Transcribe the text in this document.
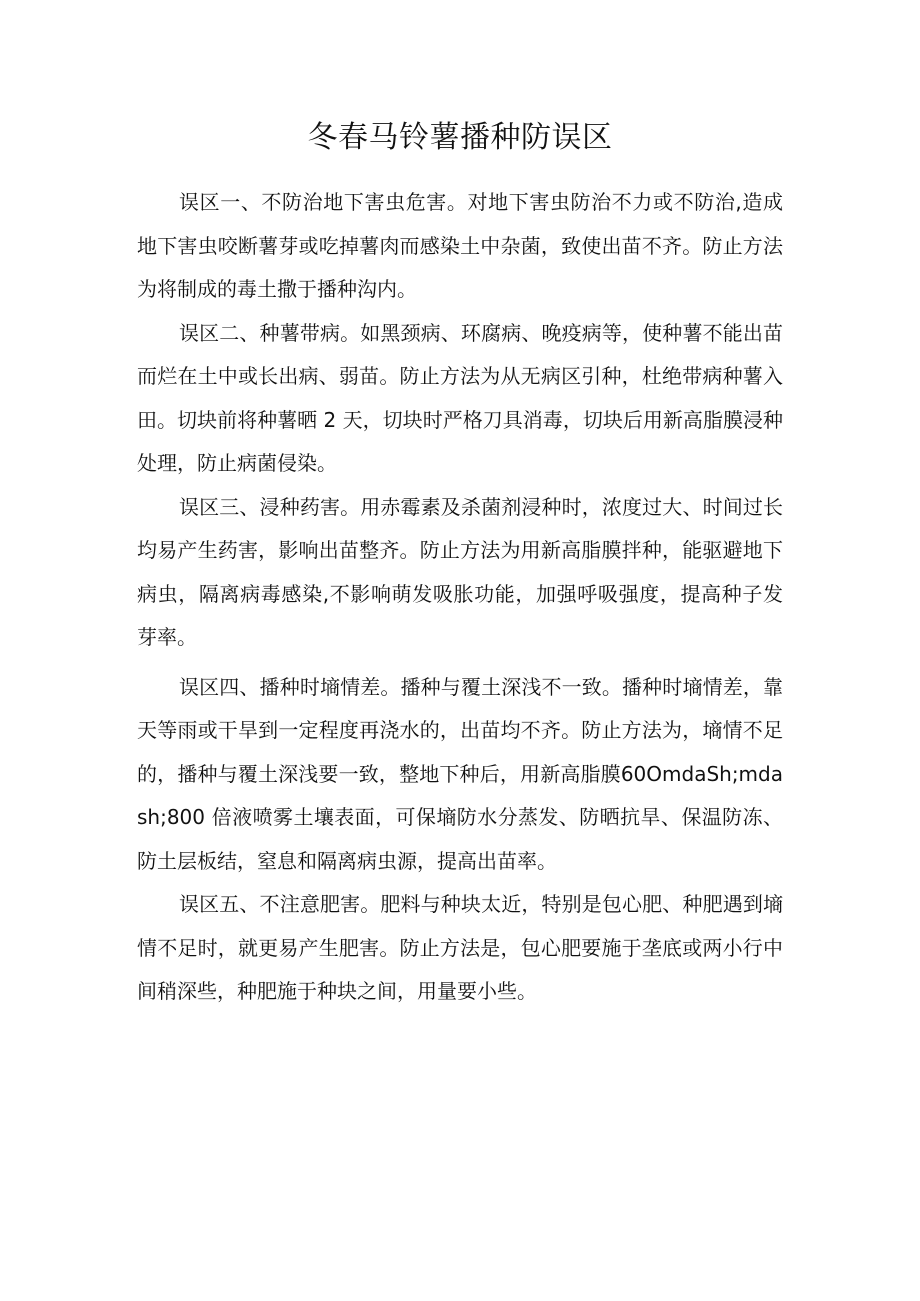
冬春马铃薯播种防误区

误区一、不防治地下害虫危害。对地下害虫防治不力或不防治,造成地下害虫咬断薯芽或吃掉薯肉而感染土中杂菌，致使出苗不齐。防止方法为将制成的毒土撒于播种沟内。

误区二、种薯带病。如黑颈病、环腐病、晚疫病等，使种薯不能出苗而烂在土中或长出病、弱苗。防止方法为从无病区引种，杜绝带病种薯入田。切块前将种薯晒 2 天，切块时严格刀具消毒，切块后用新高脂膜浸种处理，防止病菌侵染。

误区三、浸种药害。用赤霉素及杀菌剂浸种时，浓度过大、时间过长均易产生药害，影响出苗整齐。防止方法为用新高脂膜拌种，能驱避地下病虫，隔离病毒感染,不影响萌发吸胀功能，加强呼吸强度，提高种子发芽率。

误区四、播种时墒情差。播种与覆土深浅不一致。播种时墒情差，靠天等雨或干旱到一定程度再浇水的，出苗均不齐。防止方法为，墒情不足的，播种与覆土深浅要一致，整地下种后，用新高脂膜60OmdaSh;mdash;800 倍液喷雾土壤表面，可保墒防水分蒸发、防晒抗旱、保温防冻、防土层板结，窒息和隔离病虫源，提高出苗率。

误区五、不注意肥害。肥料与种块太近，特别是包心肥、种肥遇到墒情不足时，就更易产生肥害。防止方法是，包心肥要施于垄底或两小行中间稍深些，种肥施于种块之间，用量要小些。
